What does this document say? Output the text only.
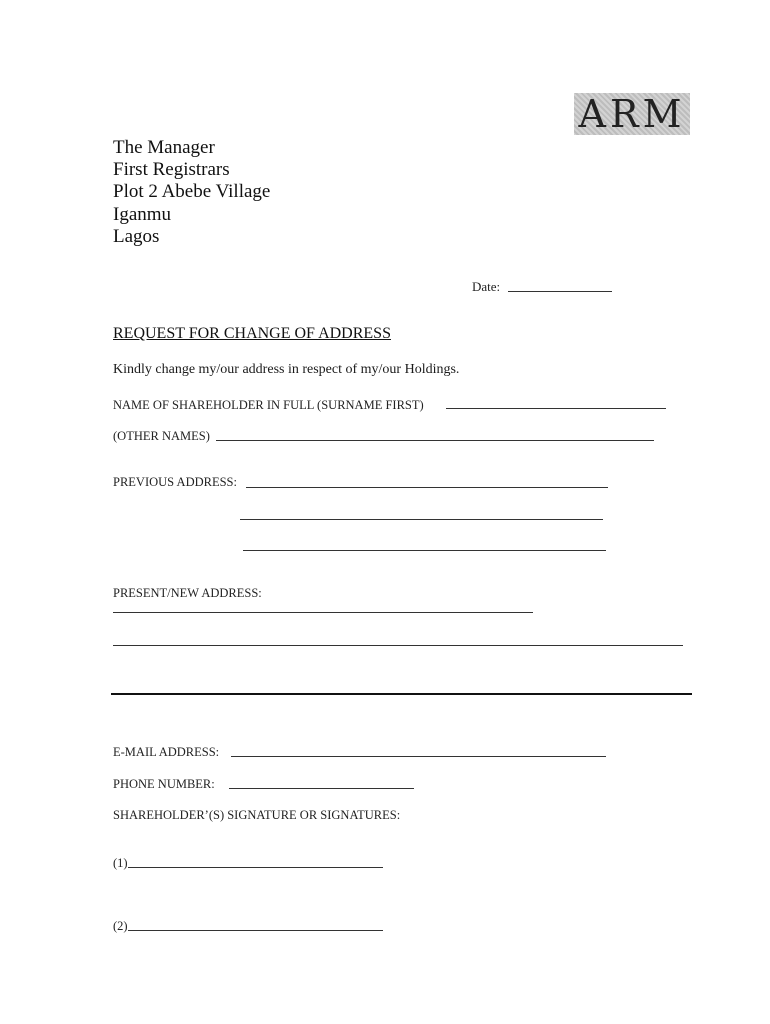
ARM
The Manager
First Registrars
Plot 2 Abebe Village
Iganmu
Lagos
Date:
REQUEST FOR CHANGE OF ADDRESS
Kindly change my/our address in respect of my/our Holdings.
NAME OF SHAREHOLDER IN FULL (SURNAME FIRST)
(OTHER NAMES)
PREVIOUS ADDRESS:
PRESENT/NEW ADDRESS:
E-MAIL ADDRESS:
PHONE NUMBER:
SHAREHOLDER’(S) SIGNATURE OR SIGNATURES:
(1)
(2)
